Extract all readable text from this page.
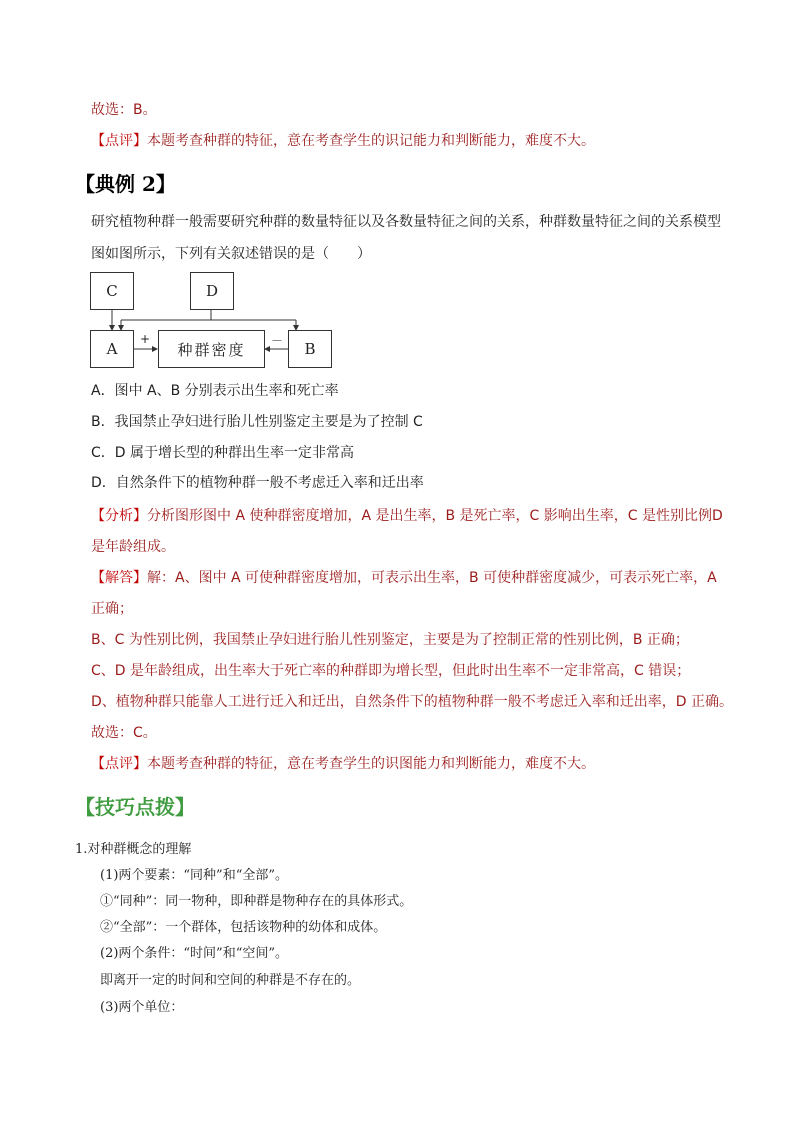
故选：B。
【点评】本题考查种群的特征，意在考查学生的识记能力和判断能力，难度不大。
【典例 2】
研究植物种群一般需要研究种群的数量特征以及各数量特征之间的关系，种群数量特征之间的关系模型
图如图所示，下列有关叙述错误的是（　　）
C	D
A	种群密度	B
+	－
A．图中 A、B 分别表示出生率和死亡率
B．我国禁止孕妇进行胎儿性别鉴定主要是为了控制 C
C．D 属于增长型的种群出生率一定非常高
D．自然条件下的植物种群一般不考虑迁入率和迁出率
【分析】分析图形图中 A 使种群密度增加，A 是出生率，B 是死亡率，C 影响出生率，C 是性别比例D
是年龄组成。
【解答】解：A、图中 A 可使种群密度增加，可表示出生率，B 可使种群密度减少，可表示死亡率，A
正确；
B、C 为性别比例，我国禁止孕妇进行胎儿性别鉴定，主要是为了控制正常的性别比例，B 正确；
C、D 是年龄组成，出生率大于死亡率的种群即为增长型，但此时出生率不一定非常高，C 错误；
D、植物种群只能靠人工进行迁入和迁出，自然条件下的植物种群一般不考虑迁入率和迁出率，D 正确。
故选：C。
【点评】本题考查种群的特征，意在考查学生的识图能力和判断能力，难度不大。
【技巧点拨】
1.对种群概念的理解
(1)两个要素：“同种”和“全部”。
①“同种”：同一物种，即种群是物种存在的具体形式。
②“全部”：一个群体，包括该物种的幼体和成体。
(2)两个条件：“时间”和“空间”。
即离开一定的时间和空间的种群是不存在的。
(3)两个单位：
